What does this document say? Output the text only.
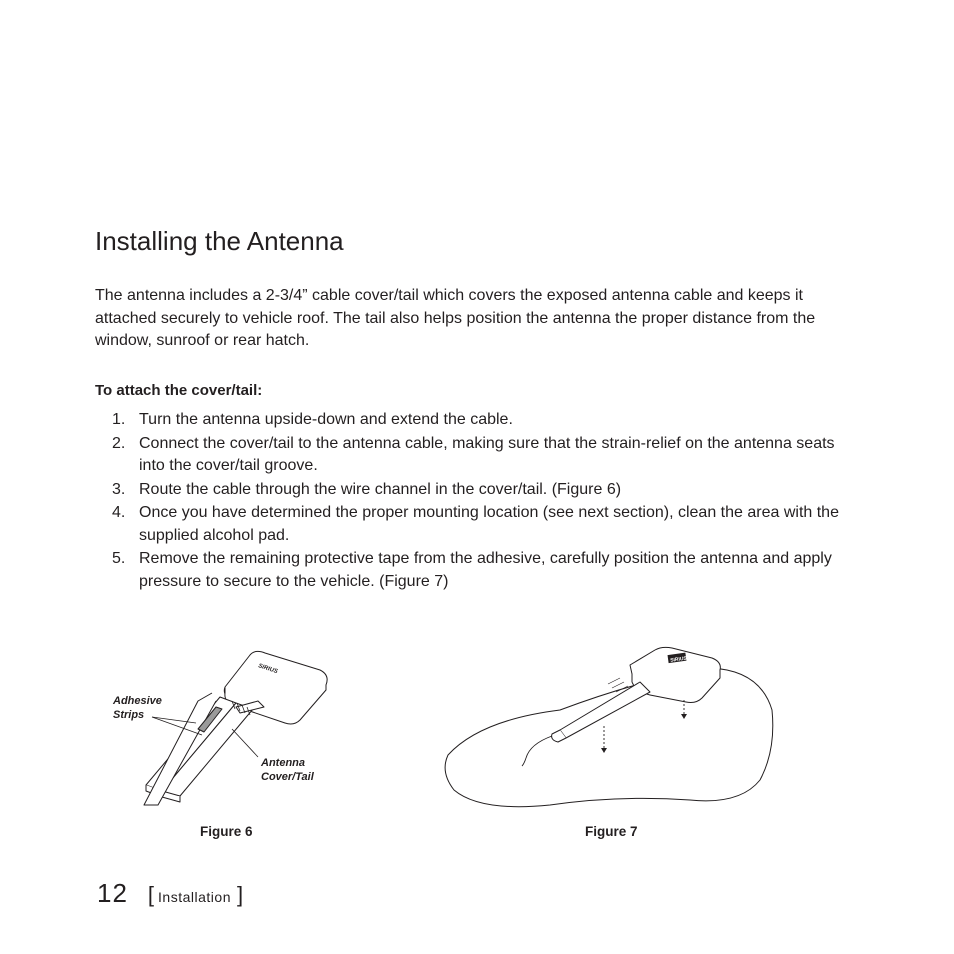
Installing the Antenna

The antenna includes a 2-3/4” cable cover/tail which covers the exposed antenna cable and keeps it attached securely to vehicle roof. The tail also helps position the antenna the proper distance from the window, sunroof or rear hatch.

To attach the cover/tail:
1. Turn the antenna upside-down and extend the cable.
2. Connect the cover/tail to the antenna cable, making sure that the strain-relief on the antenna seats into the cover/tail groove.
3. Route the cable through the wire channel in the cover/tail. (Figure 6)
4. Once you have determined the proper mounting location (see next section), clean the area with the supplied alcohol pad.
5. Remove the remaining protective tape from the adhesive, carefully position the antenna and apply pressure to secure to the vehicle. (Figure 7)
SIRIUS
Adhesive Strips
Antenna Cover/Tail
Figure 6
SIRIUS
Figure 7
12 [ Installation ]
